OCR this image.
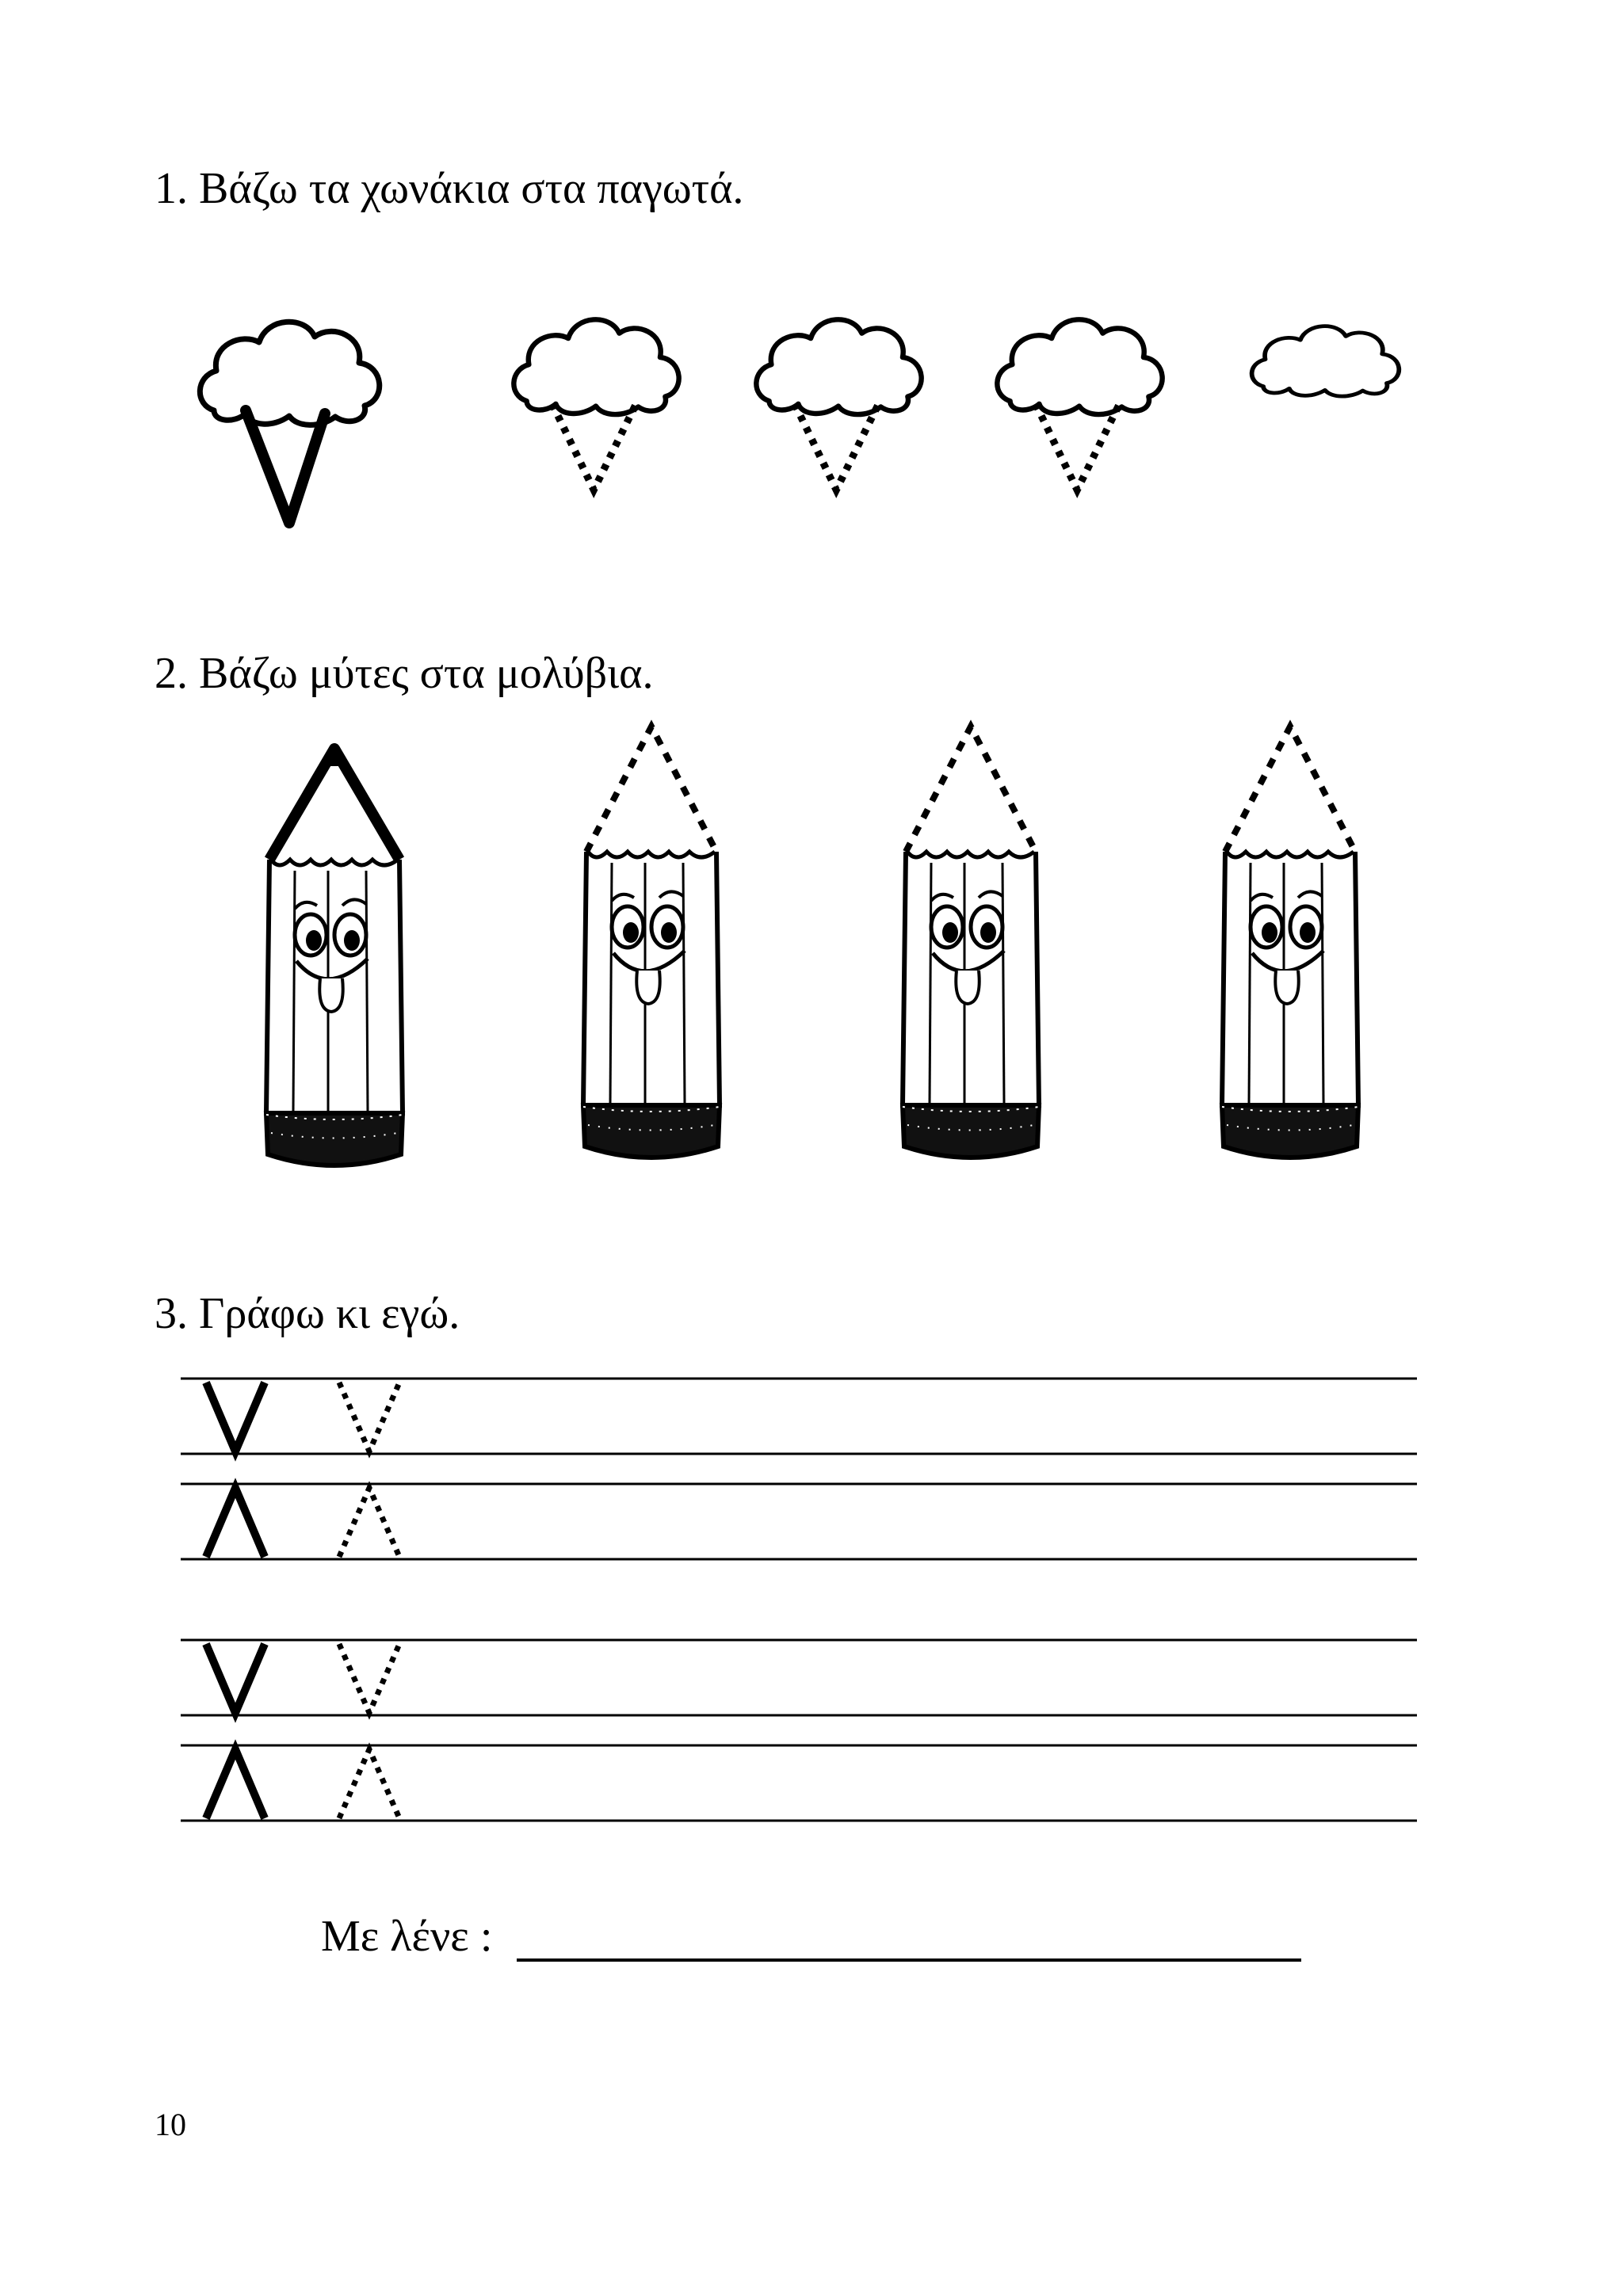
1. Βάζω τα χωνάκια στα παγωτά.
2. Βάζω μύτες στα μολύβια.
3. Γράφω κι εγώ.
Με λένε :
10
